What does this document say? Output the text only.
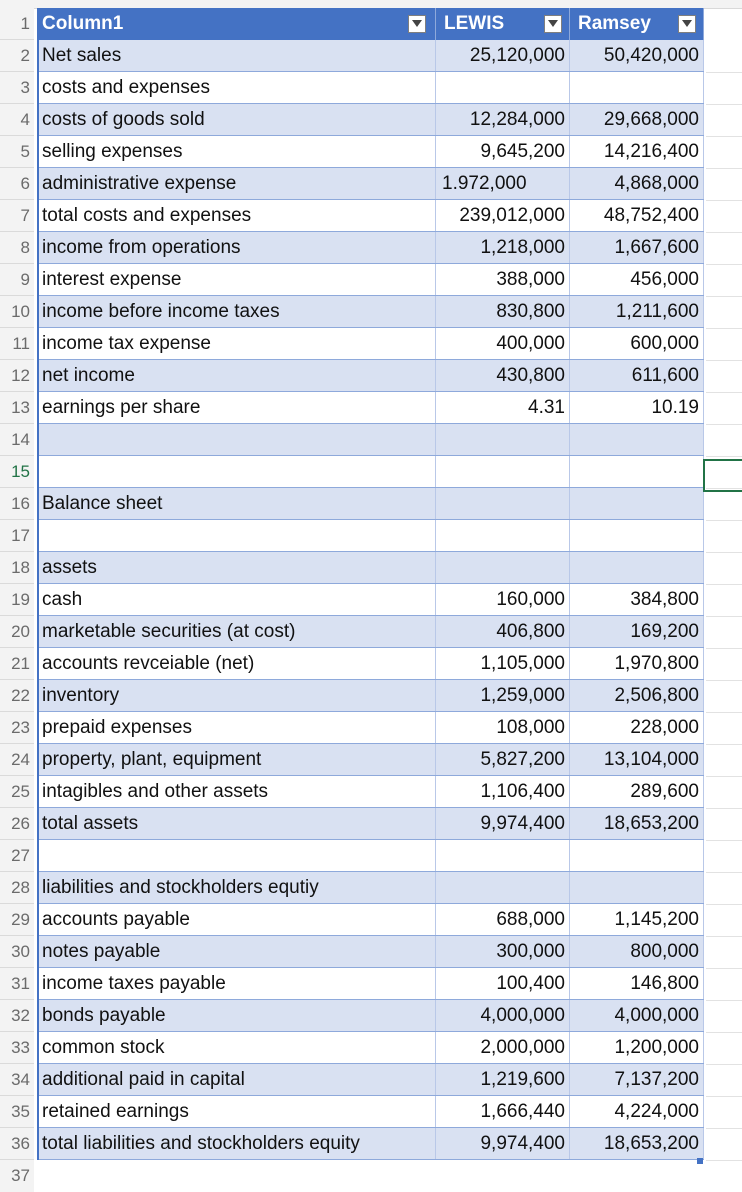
1 Column1	LEWIS	Ramsey
2 Net sales	25,120,000	50,420,000
3 costs and expenses
4 costs of goods sold	12,284,000	29,668,000
5 selling expenses	9,645,200	14,216,400
6 administrative expense	1.972,000	4,868,000
7 total costs and expenses	239,012,000	48,752,400
8 income from operations	1,218,000	1,667,600
9 interest expense	388,000	456,000
10 income before income taxes	830,800	1,211,600
11 income tax expense	400,000	600,000
12 net income	430,800	611,600
13 earnings per share	4.31	10.19
14
15
16 Balance sheet
17
18 assets
19 cash	160,000	384,800
20 marketable securities (at cost)	406,800	169,200
21 accounts revceiable (net)	1,105,000	1,970,800
22 inventory	1,259,000	2,506,800
23 prepaid expenses	108,000	228,000
24 property, plant, equipment	5,827,200	13,104,000
25 intagibles and other assets	1,106,400	289,600
26 total assets	9,974,400	18,653,200
27
28 liabilities and stockholders equtiy
29 accounts payable	688,000	1,145,200
30 notes payable	300,000	800,000
31 income taxes payable	100,400	146,800
32 bonds payable	4,000,000	4,000,000
33 common stock	2,000,000	1,200,000
34 additional paid in capital	1,219,600	7,137,200
35 retained earnings	1,666,440	4,224,000
36 total liabilities and stockholders equity	9,974,400	18,653,200
37
